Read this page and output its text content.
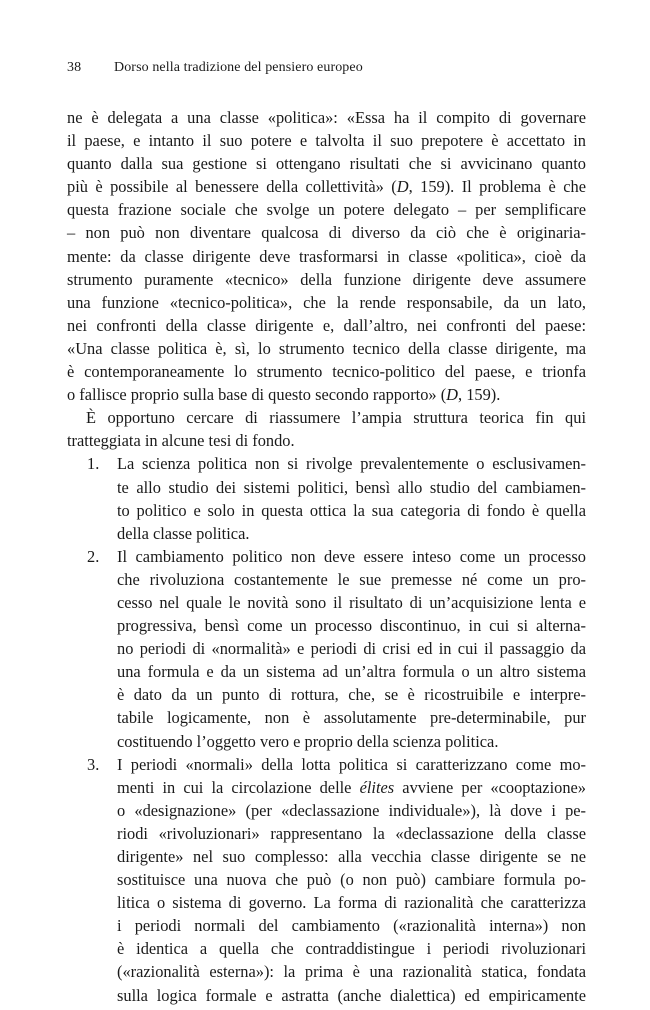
38 Dorso nella tradizione del pensiero europeo
ne è delegata a una classe «politica»: «Essa ha il compito di governare
il paese, e intanto il suo potere e talvolta il suo prepotere è accettato in
quanto dalla sua gestione si ottengano risultati che si avvicinano quanto
più è possibile al benessere della collettività» (D, 159). Il problema è che
questa frazione sociale che svolge un potere delegato – per semplificare
– non può non diventare qualcosa di diverso da ciò che è originaria-
mente: da classe dirigente deve trasformarsi in classe «politica», cioè da
strumento puramente «tecnico» della funzione dirigente deve assumere
una funzione «tecnico-politica», che la rende responsabile, da un lato,
nei confronti della classe dirigente e, dall’altro, nei confronti del paese:
«Una classe politica è, sì, lo strumento tecnico della classe dirigente, ma
è contemporaneamente lo strumento tecnico-politico del paese, e trionfa
o fallisce proprio sulla base di questo secondo rapporto» (D, 159).
È opportuno cercare di riassumere l’ampia struttura teorica fin qui
tratteggiata in alcune tesi di fondo.
1. La scienza politica non si rivolge prevalentemente o esclusivamen-
te allo studio dei sistemi politici, bensì allo studio del cambiamen-
to politico e solo in questa ottica la sua categoria di fondo è quella
della classe politica.
2. Il cambiamento politico non deve essere inteso come un processo
che rivoluziona costantemente le sue premesse né come un pro-
cesso nel quale le novità sono il risultato di un’acquisizione lenta e
progressiva, bensì come un processo discontinuo, in cui si alterna-
no periodi di «normalità» e periodi di crisi ed in cui il passaggio da
una formula e da un sistema ad un’altra formula o un altro sistema
è dato da un punto di rottura, che, se è ricostruibile e interpre-
tabile logicamente, non è assolutamente pre-determinabile, pur
costituendo l’oggetto vero e proprio della scienza politica.
3. I periodi «normali» della lotta politica si caratterizzano come mo-
menti in cui la circolazione delle élites avviene per «cooptazione»
o «designazione» (per «declassazione individuale»), là dove i pe-
riodi «rivoluzionari» rappresentano la «declassazione della classe
dirigente» nel suo complesso: alla vecchia classe dirigente se ne
sostituisce una nuova che può (o non può) cambiare formula po-
litica o sistema di governo. La forma di razionalità che caratterizza
i periodi normali del cambiamento («razionalità interna») non
è identica a quella che contraddistingue i periodi rivoluzionari
(«razionalità esterna»): la prima è una razionalità statica, fondata
sulla logica formale e astratta (anche dialettica) ed empiricamente
